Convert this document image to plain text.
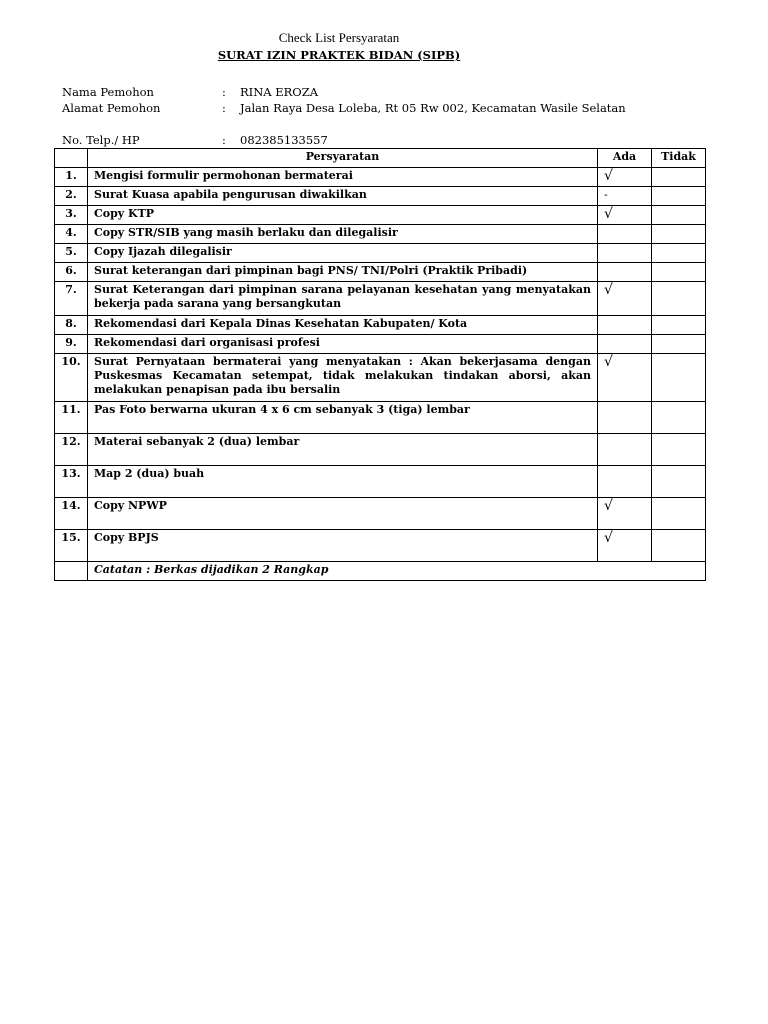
Check List Persyaratan
SURAT IZIN PRAKTEK BIDAN (SIPB)
Nama Pemohon	: RINA EROZA
Alamat Pemohon	: Jalan Raya Desa Loleba, Rt 05 Rw 002, Kecamatan Wasile Selatan
No. Telp./ HP	: 082385133557
	Persyaratan	Ada	Tidak
1.	Mengisi formulir permohonan bermaterai	√	
2.	Surat Kuasa apabila pengurusan diwakilkan	-	
3.	Copy KTP	√	
4.	Copy STR/SIB yang masih berlaku dan dilegalisir		
5.	Copy Ijazah dilegalisir		
6.	Surat keterangan dari pimpinan bagi PNS/ TNI/Polri (Praktik Pribadi)		
7.	Surat Keterangan dari pimpinan sarana pelayanan kesehatan yang menyatakan bekerja pada sarana yang bersangkutan	√	
8.	Rekomendasi dari Kepala Dinas Kesehatan Kabupaten/ Kota		
9.	Rekomendasi dari organisasi profesi		
10.	Surat Pernyataan bermaterai yang menyatakan : Akan bekerjasama dengan Puskesmas Kecamatan setempat, tidak melakukan tindakan aborsi, akan melakukan penapisan pada ibu bersalin	√	
11.	Pas Foto berwarna ukuran 4 x 6 cm sebanyak 3 (tiga) lembar		
12.	Materai sebanyak 2 (dua) lembar		
13.	Map 2 (dua) buah		
14.	Copy NPWP	√	
15.	Copy BPJS	√	
	Catatan : Berkas dijadikan 2 Rangkap		
